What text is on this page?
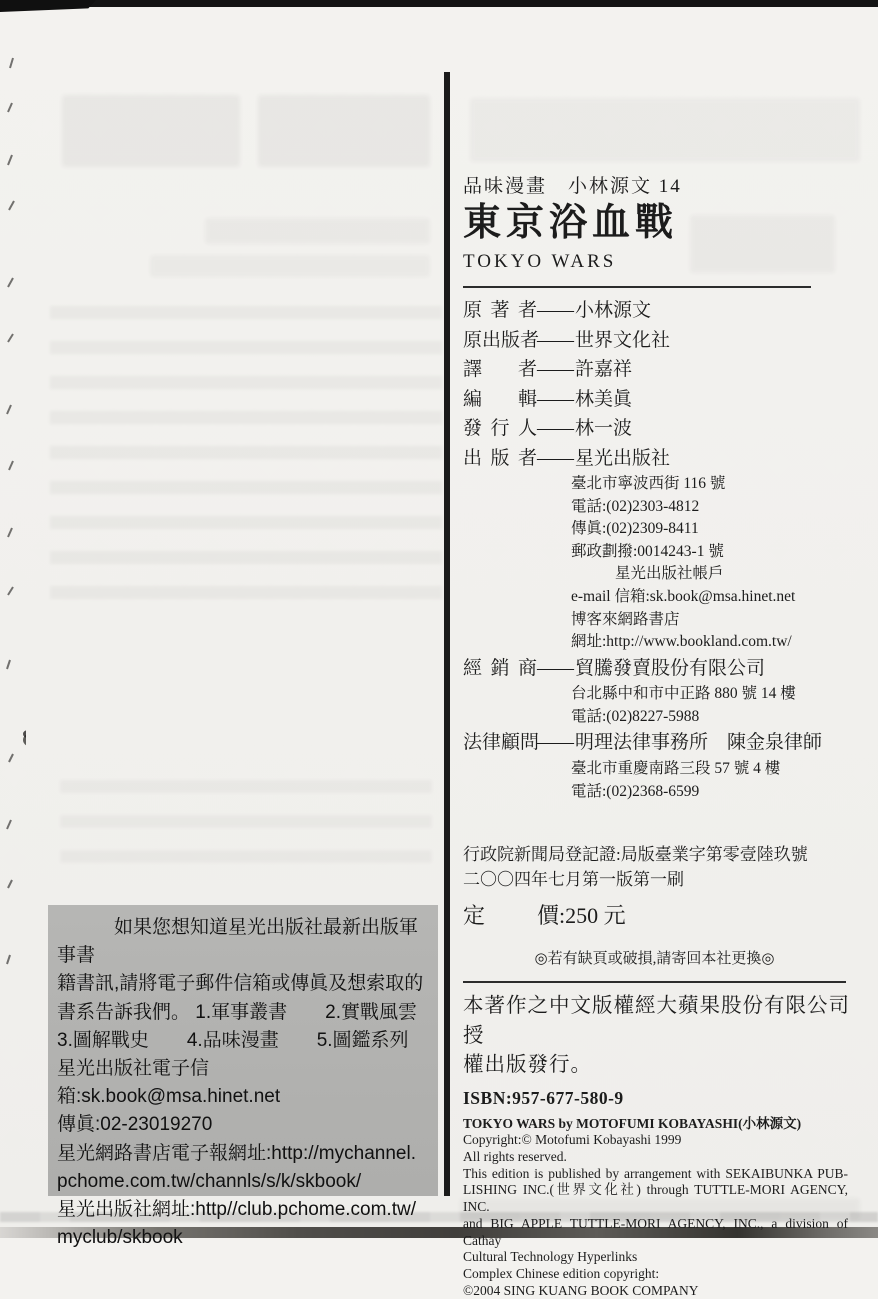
品味漫畫　小林源文 14
東京浴血戰
TOKYO WARS
原著者—— 小林源文
原出版者—— 世界文化社
譯者—— 許嘉祥
編輯—— 林美眞
發行人—— 林一波
出版者—— 星光出版社
臺北市寧波西街 116 號
電話:(02)2303-4812
傳眞:(02)2309-8411
郵政劃撥:0014243-1 號
星光出版社帳戶
e-mail 信箱:sk.book@msa.hinet.net
博客來網路書店
網址:http://www.bookland.com.tw/
經銷商—— 貿騰發賣股份有限公司
台北縣中和市中正路 880 號 14 樓
電話:(02)8227-5988
法律顧問—— 明理法律事務所　陳金泉律師
臺北市重慶南路三段 57 號 4 樓
電話:(02)2368-6599
行政院新聞局登記證:局版臺業字第零壹陸玖號
二〇〇四年七月第一版第一刷
定價:250 元
◎若有缺頁或破損,請寄回本社更換◎
本著作之中文版權經大蘋果股份有限公司授
權出版發行。
ISBN:957-677-580-9
TOKYO WARS by MOTOFUMI KOBAYASHI(小林源文)
Copyright:© Motofumi Kobayashi 1999
All rights reserved.
This edition is published by arrangement with SEKAIBUNKA PUB-
LISHING INC.(世界文化社) through TUTTLE-MORI AGENCY, INC.
and BIG APPLE TUTTLE-MORI AGENCY, INC., a division of Cathay
Cultural Technology Hyperlinks
Complex Chinese edition copyright:
©2004 SING KUANG BOOK COMPANY
如果您想知道星光出版社最新出版軍事書
籍書訊,請將電子郵件信箱或傳眞及想索取的
書系告訴我們。 1.軍事叢書　　2.實戰風雲
3.圖解戰史　　4.品味漫畫　　5.圖鑑系列
星光出版社電子信箱:sk.book@msa.hinet.net
傳眞:02-23019270
星光網路書店電子報網址:http://mychannel.
pchome.com.tw/channls/s/k/skbook/
星光出版社網址:http//club.pchome.com.tw/
myclub/skbook
